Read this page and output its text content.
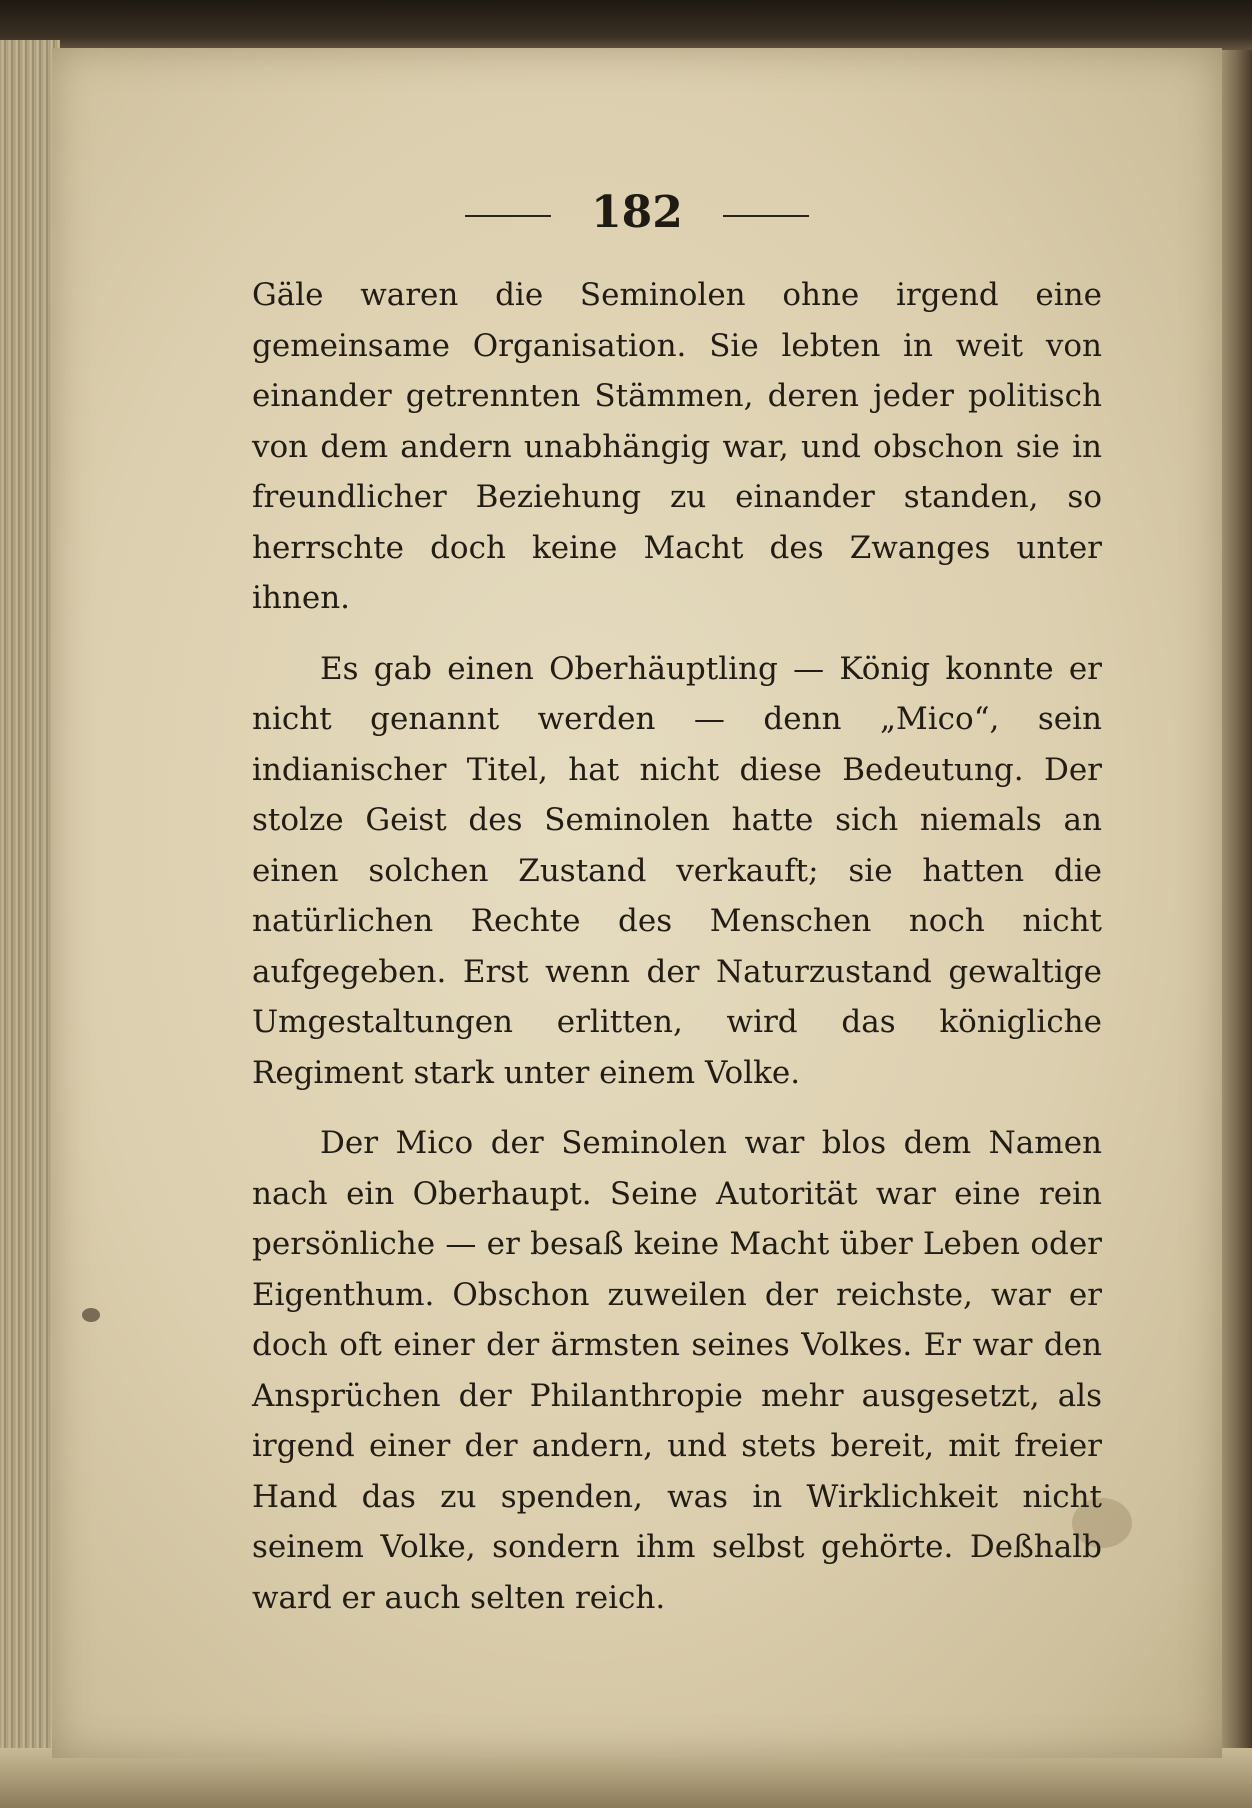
182

Gäle waren die Seminolen ohne irgend eine gemeinsame Organisation. Sie lebten in weit von einander getrennten Stämmen, deren jeder politisch von dem andern unabhängig war, und obschon sie in freundlicher Beziehung zu einander standen, so herrschte doch keine Macht des Zwanges unter ihnen.

Es gab einen Oberhäuptling — König konnte er nicht genannt werden — denn „Mico“, sein indianischer Titel, hat nicht diese Bedeutung. Der stolze Geist des Seminolen hatte sich niemals an einen solchen Zustand verkauft; sie hatten die natürlichen Rechte des Menschen noch nicht aufgegeben. Erst wenn der Naturzustand gewaltige Umgestaltungen erlitten, wird das königliche Regiment stark unter einem Volke.

Der Mico der Seminolen war blos dem Namen nach ein Oberhaupt. Seine Autorität war eine rein persönliche — er besaß keine Macht über Leben oder Eigenthum. Obschon zuweilen der reichste, war er doch oft einer der ärmsten seines Volkes. Er war den Ansprüchen der Philanthropie mehr ausgesetzt, als irgend einer der andern, und stets bereit, mit freier Hand das zu spenden, was in Wirklichkeit nicht seinem Volke, sondern ihm selbst gehörte. Deßhalb ward er auch selten reich.
